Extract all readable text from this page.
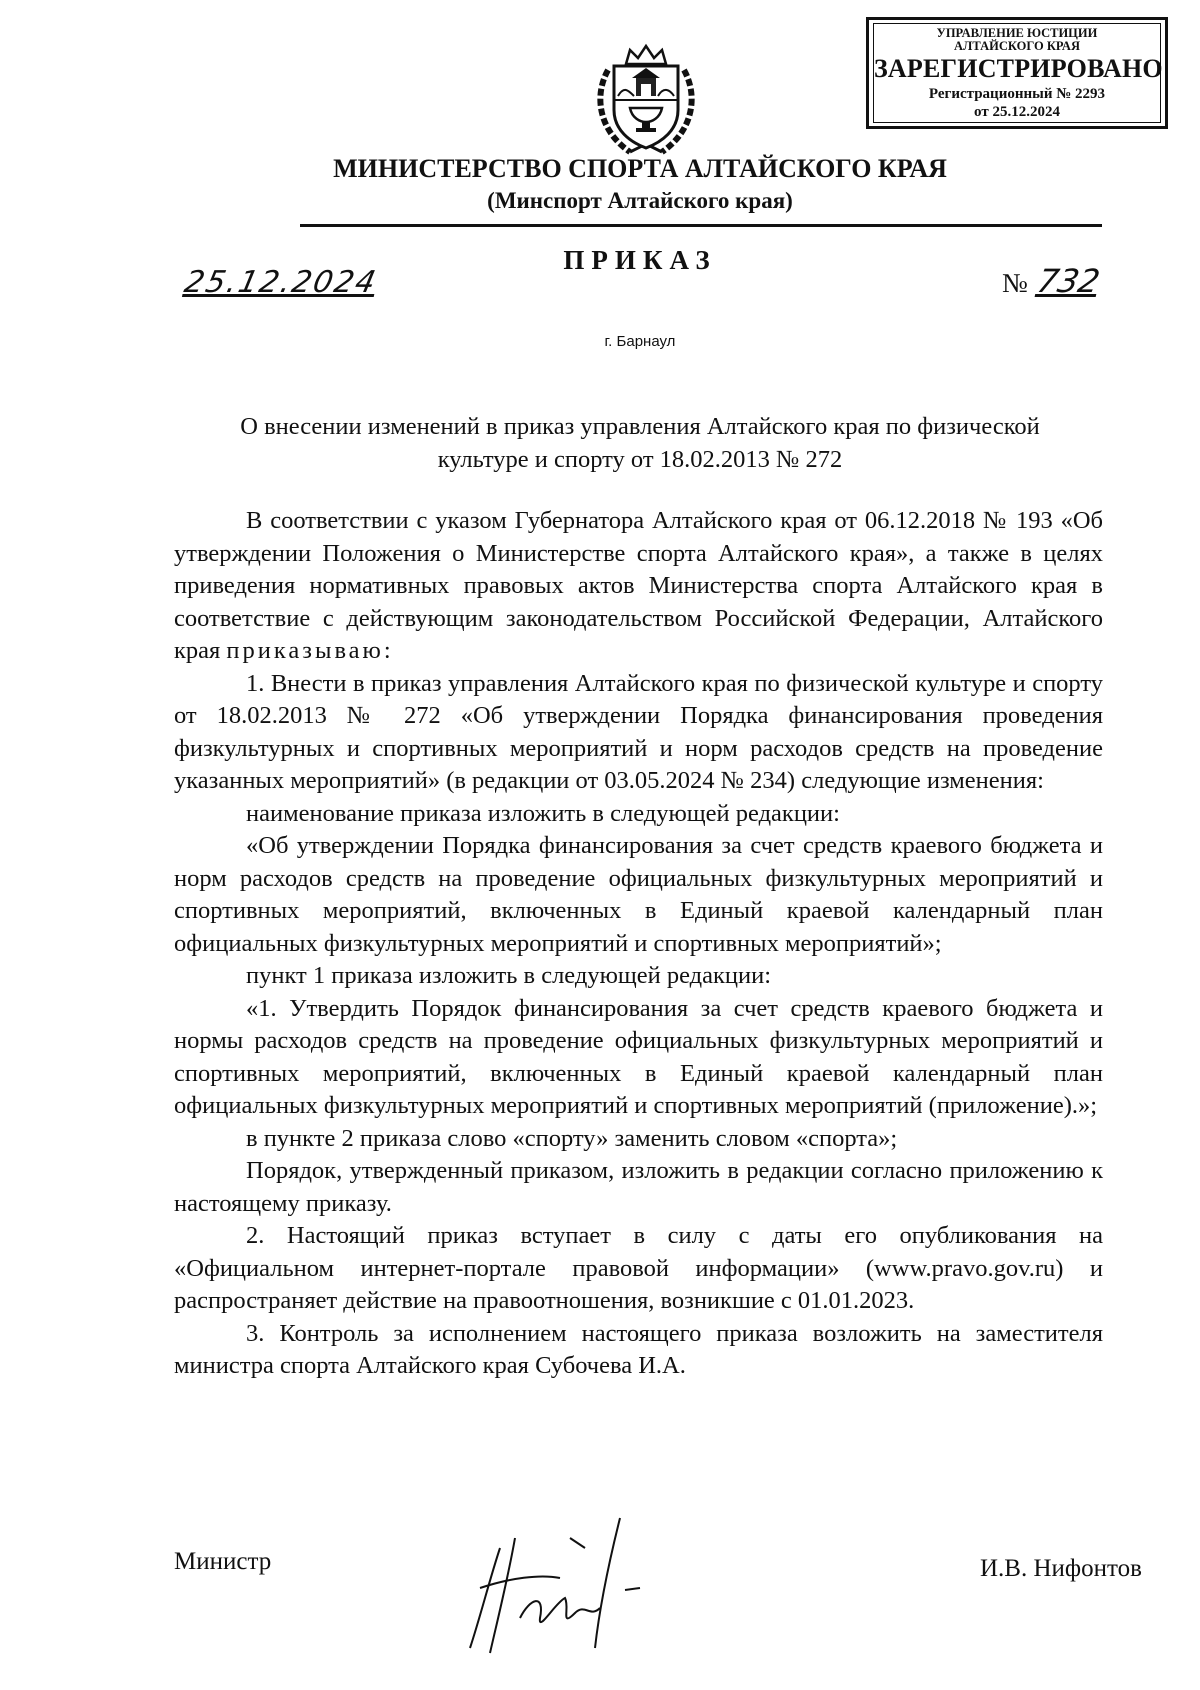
УПРАВЛЕНИЕ ЮСТИЦИИ
АЛТАЙСКОГО КРАЯ
ЗАРЕГИСТРИРОВАНО
Регистрационный № 2293
от 25.12.2024
МИНИСТЕРСТВО СПОРТА АЛТАЙСКОГО КРАЯ
(Минспорт Алтайского края)
ПРИКАЗ
25.12.2024	№ 732
г. Барнаул
О внесении изменений в приказ управления Алтайского края по физической
культуре и спорту от 18.02.2013 № 272

В соответствии с указом Губернатора Алтайского края от 06.12.2018 № 193 «Об утверждении Положения о Министерстве спорта Алтайского края», а также в целях приведения нормативных правовых актов Министерства спорта Алтайского края в соответствие с действующим законодательством Российской Федерации, Алтайского края приказываю:

1. Внести в приказ управления Алтайского края по физической культуре и спорту от 18.02.2013 № 272 «Об утверждении Порядка финансирования проведения физкультурных и спортивных мероприятий и норм расходов средств на проведение указанных мероприятий» (в редакции от 03.05.2024 № 234) следующие изменения:

наименование приказа изложить в следующей редакции:

«Об утверждении Порядка финансирования за счет средств краевого бюджета и норм расходов средств на проведение официальных физкультурных мероприятий и спортивных мероприятий, включенных в Единый краевой календарный план официальных физкультурных мероприятий и спортивных мероприятий»;

пункт 1 приказа изложить в следующей редакции:

«1. Утвердить Порядок финансирования за счет средств краевого бюджета и нормы расходов средств на проведение официальных физкультурных мероприятий и спортивных мероприятий, включенных в Единый краевой календарный план официальных физкультурных мероприятий и спортивных мероприятий (приложение).»;

в пункте 2 приказа слово «спорту» заменить словом «спорта»;

Порядок, утвержденный приказом, изложить в редакции согласно приложению к настоящему приказу.

2. Настоящий приказ вступает в силу с даты его опубликования на «Официальном интернет-портале правовой информации» (www.pravo.gov.ru) и распространяет действие на правоотношения, возникшие с 01.01.2023.

3. Контроль за исполнением настоящего приказа возложить на заместителя министра спорта Алтайского края Субочева И.А.

Министр	И.В. Нифонтов
